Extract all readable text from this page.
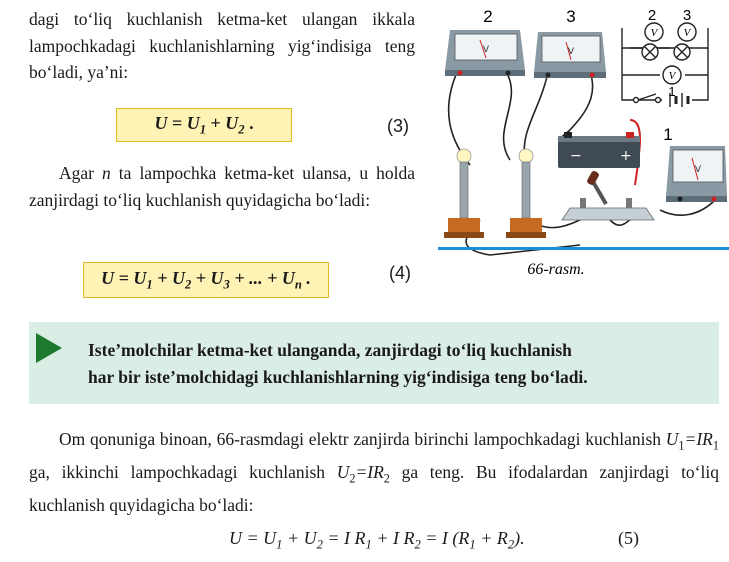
dagi to‘liq kuchlanish ketma-ket ulangan ikkala lampochkadagi kuchlanishlarning yig‘indisiga teng bo‘ladi, ya’ni:

$U = U_1 + U_2$ .	(3)

Agar n ta lampochka ketma-ket ulansa, u holda zanjirdagi to‘liq kuchlanish quyidagicha bo‘ladi:

$U = U_1 + U_2 + U_3$ + ... + $U_n$ .	(4)
V
2
V
3
V V
V
2 3
1
−	+
V
1
66-rasm.

Iste’molchilar ketma-ket ulanganda, zanjirdagi to‘liq kuchlanish
har bir iste’molchidagi kuchlanishlarning yig‘indisiga teng bo‘ladi.

Om qonuniga binoan, 66-rasmdagi elektr zanjirda birinchi lampochkadagi kuchlanish $U_1=IR_1$ ga, ikkinchi lampochkadagi kuchlanish $U_2=IR_2$ ga teng. Bu ifodalardan zanjirdagi to‘liq kuchlanish quyidagicha bo‘ladi:

$U = U_1 + U_2 = I$ $R_1 + I$ $R_2 = I$ $(R_1 + R_2)$.	(5)
